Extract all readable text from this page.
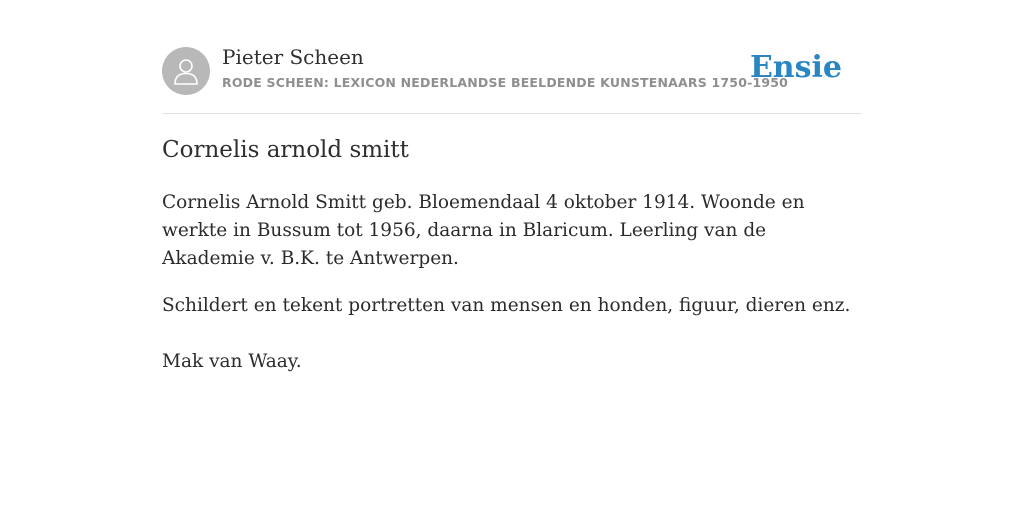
Pieter Scheen
RODE SCHEEN: LEXICON NEDERLANDSE BEELDENDE KUNSTENAARS 1750-1950
Ensie
Cornelis arnold smitt

Cornelis Arnold Smitt geb. Bloemendaal 4 oktober 1914. Woonde en werkte in Bussum tot 1956, daarna in Blaricum. Leerling van de Akademie v. B.K. te Antwerpen.

Schildert en tekent portretten van mensen en honden, figuur, dieren enz.

Mak van Waay.
